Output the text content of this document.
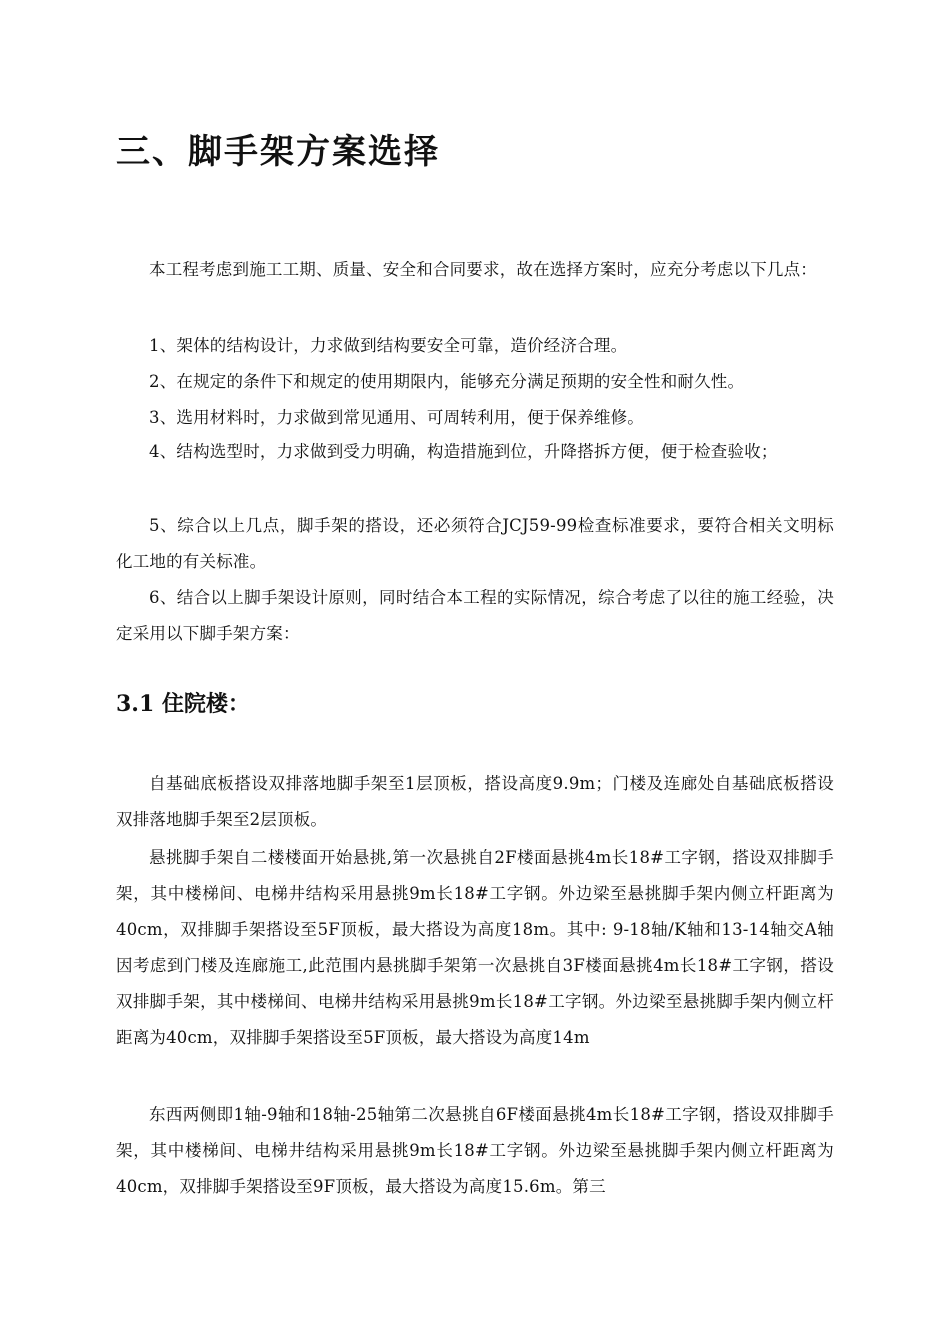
三、脚手架方案选择

本工程考虑到施工工期、质量、安全和合同要求，故在选择方案时，应充分考虑以下几点：

1、架体的结构设计，力求做到结构要安全可靠，造价经济合理。

2、在规定的条件下和规定的使用期限内，能够充分满足预期的安全性和耐久性。

3、选用材料时，力求做到常见通用、可周转利用，便于保养维修。

4、结构选型时，力求做到受力明确，构造措施到位，升降搭拆方便，便于检查验收；

5、综合以上几点，脚手架的搭设，还必须符合JCJ59-99检查标准要求，要符合相关文明标化工地的有关标准。

6、结合以上脚手架设计原则，同时结合本工程的实际情况，综合考虑了以往的施工经验，决定采用以下脚手架方案：

3.1 住院楼：

自基础底板搭设双排落地脚手架至1层顶板，搭设高度9.9m；门楼及连廊处自基础底板搭设双排落地脚手架至2层顶板。

悬挑脚手架自二楼楼面开始悬挑,第一次悬挑自2F楼面悬挑4m长18#工字钢，搭设双排脚手架，其中楼梯间、电梯井结构采用悬挑9m长18#工字钢。外边梁至悬挑脚手架内侧立杆距离为40cm，双排脚手架搭设至5F顶板，最大搭设为高度18m。其中: 9-18轴/K轴和13-14轴交A轴因考虑到门楼及连廊施工,此范围内悬挑脚手架第一次悬挑自3F楼面悬挑4m长18#工字钢，搭设双排脚手架，其中楼梯间、电梯井结构采用悬挑9m长18#工字钢。外边梁至悬挑脚手架内侧立杆距离为40cm，双排脚手架搭设至5F顶板，最大搭设为高度14m

东西两侧即1轴-9轴和18轴-25轴第二次悬挑自6F楼面悬挑4m长18#工字钢，搭设双排脚手架，其中楼梯间、电梯井结构采用悬挑9m长18#工字钢。外边梁至悬挑脚手架内侧立杆距离为40cm，双排脚手架搭设至9F顶板，最大搭设为高度15.6m。第三
